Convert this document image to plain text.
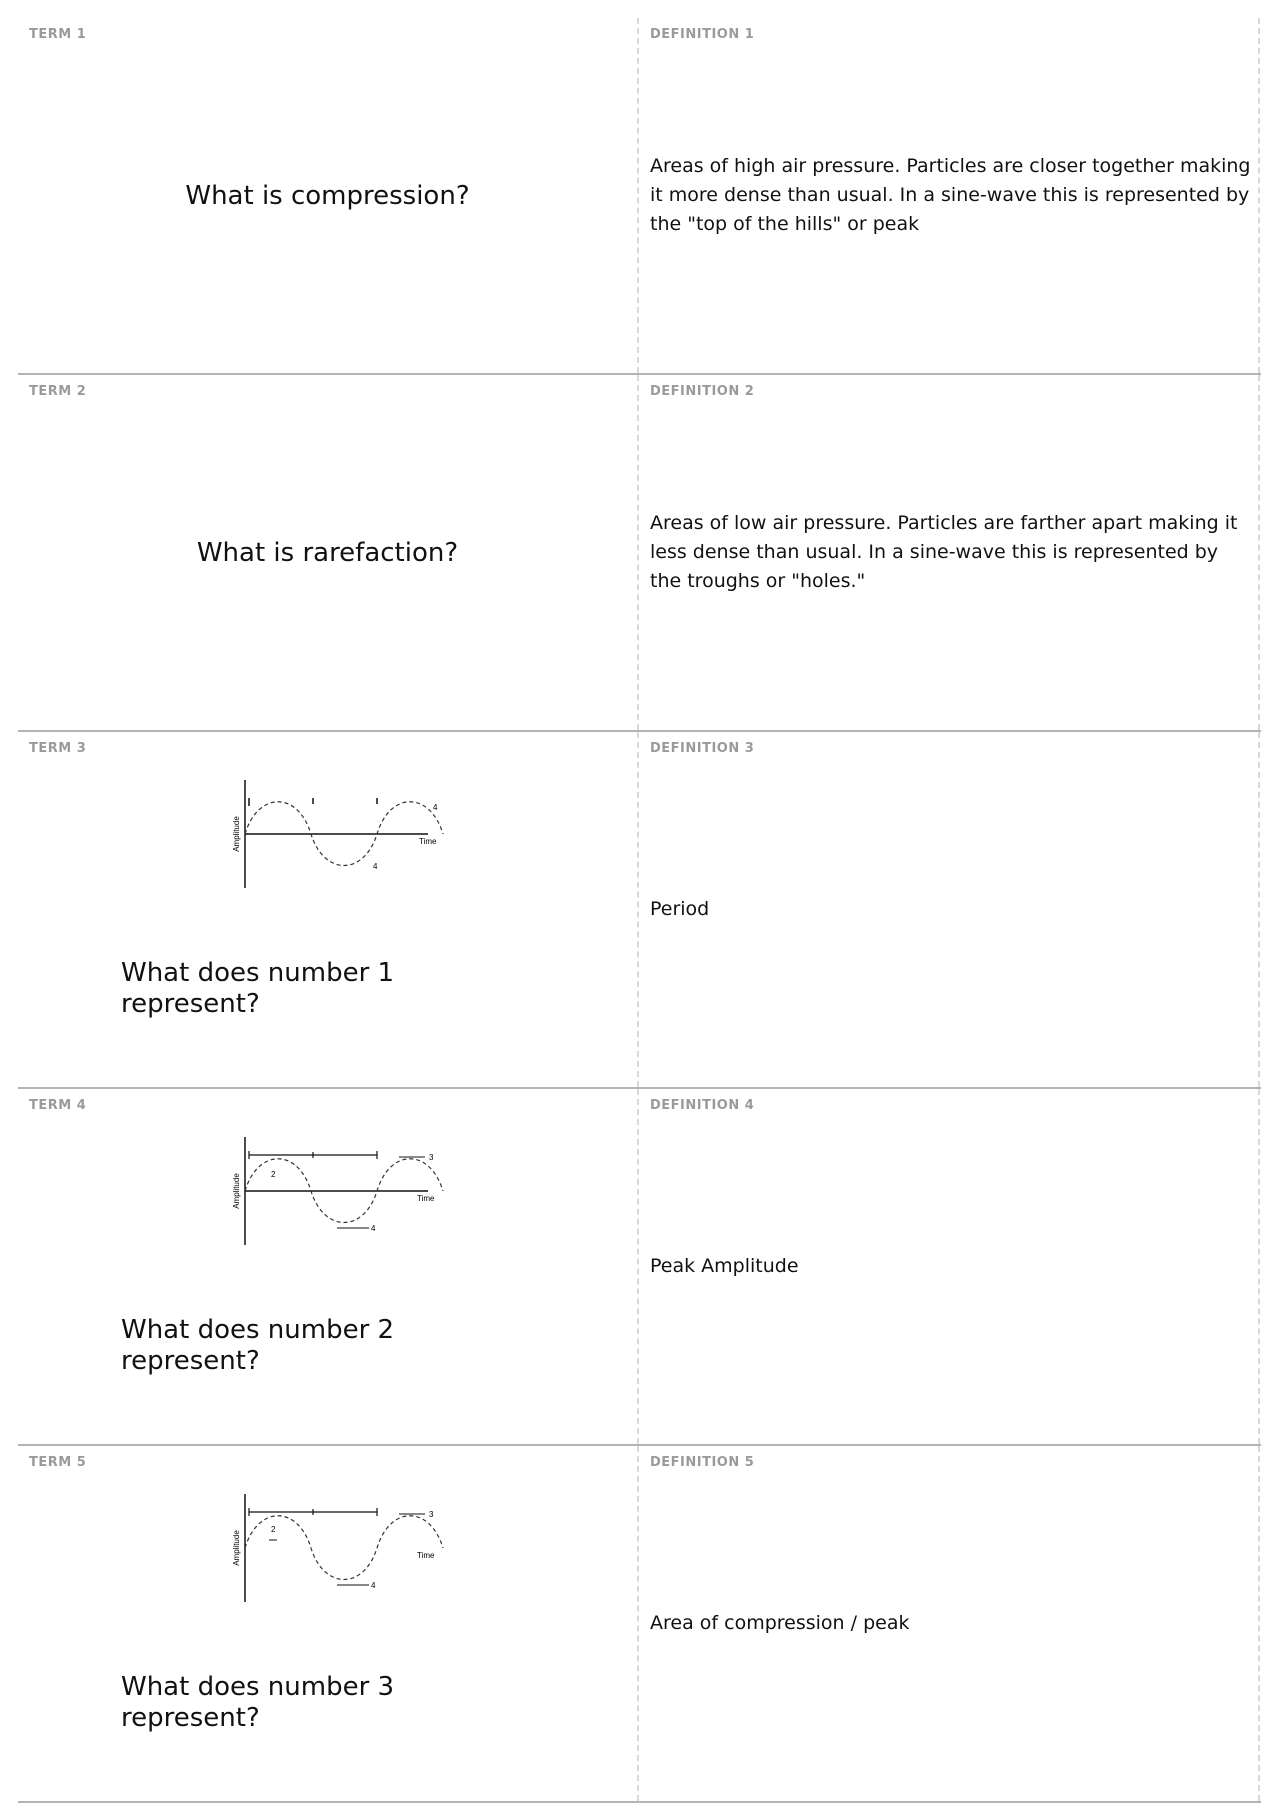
TERM 1
What is compression?
DEFINITION 1
Areas of high air pressure. Particles are closer together making it more dense than usual. In a sine-wave this is represented by the "top of the hills" or peak
TERM 2
What is rarefaction?
DEFINITION 2
Areas of low air pressure. Particles are farther apart making it less dense than usual. In a sine-wave this is represented by the troughs or "holes."
TERM 3
Amplitude	Time
4
4
What does number 1 represent?
DEFINITION 3
Period
TERM 4
3
2
4
Amplitude	Time
What does number 2 represent?
DEFINITION 4
Peak Amplitude
TERM 5
3
2
4
Amplitude	Time
What does number 3 represent?
DEFINITION 5
Area of compression / peak
